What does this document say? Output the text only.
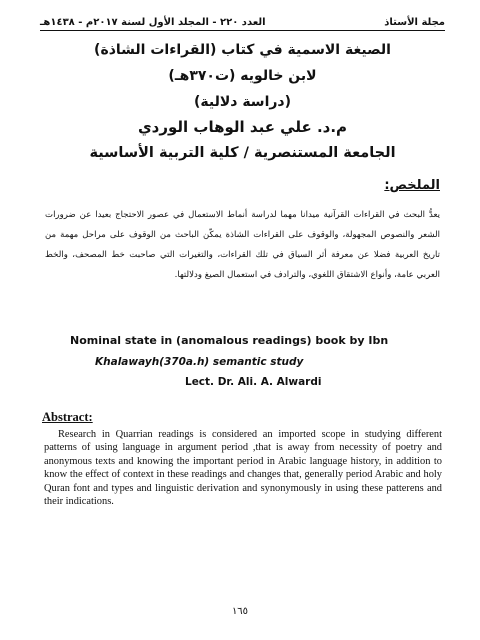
العدد ٢٢٠ - المجلد الأول لسنة ٢٠١٧م - ١٤٣٨هـ	مجلة الأستاذ
الصيغة الاسمية في كتاب (القراءات الشاذة)
لابن خالويه (ت٣٧٠هـ)
(دراسة دلالية)
م.د. علي عبد الوهاب الوردي
الجامعة المستنصرية / كلية التربية الأساسية
الملخص:
يعدُّ البحث في القراءات القرآنية ميدانا مهما لدراسة أنماط الاستعمال في عصور الاحتجاج بعيدا عن ضرورات الشعر والنصوص المجهولة، والوقوف على القراءات الشاذة يمكّن الباحث من الوقوف على مراحل مهمة من تاريخ العربية فضلا عن معرفة أثر السياق في تلك القراءات، والتغيرات التي صاحبت خط المصحف، والخط العربي عامة، وأنواع الاشتقاق اللغوي، والترادف في استعمال الصيغ ودلالتها.
Nominal state in (anomalous readings) book by Ibn
Khalawayh(370a.h) semantic study
Lect. Dr. Ali. A. Alwardi
Abstract:
Research in Quarrian readings is considered an imported scope in studying different patterns of using language in argument period ,that is away from necessity of poetry and anonymous texts and knowing the important period in Arabic language history, in addition to know the effect of context in these readings and changes that, generally period Arabic and holy Quran font and types and linguistic derivation and synonymously in using these patterens and their indications.
١٦٥
